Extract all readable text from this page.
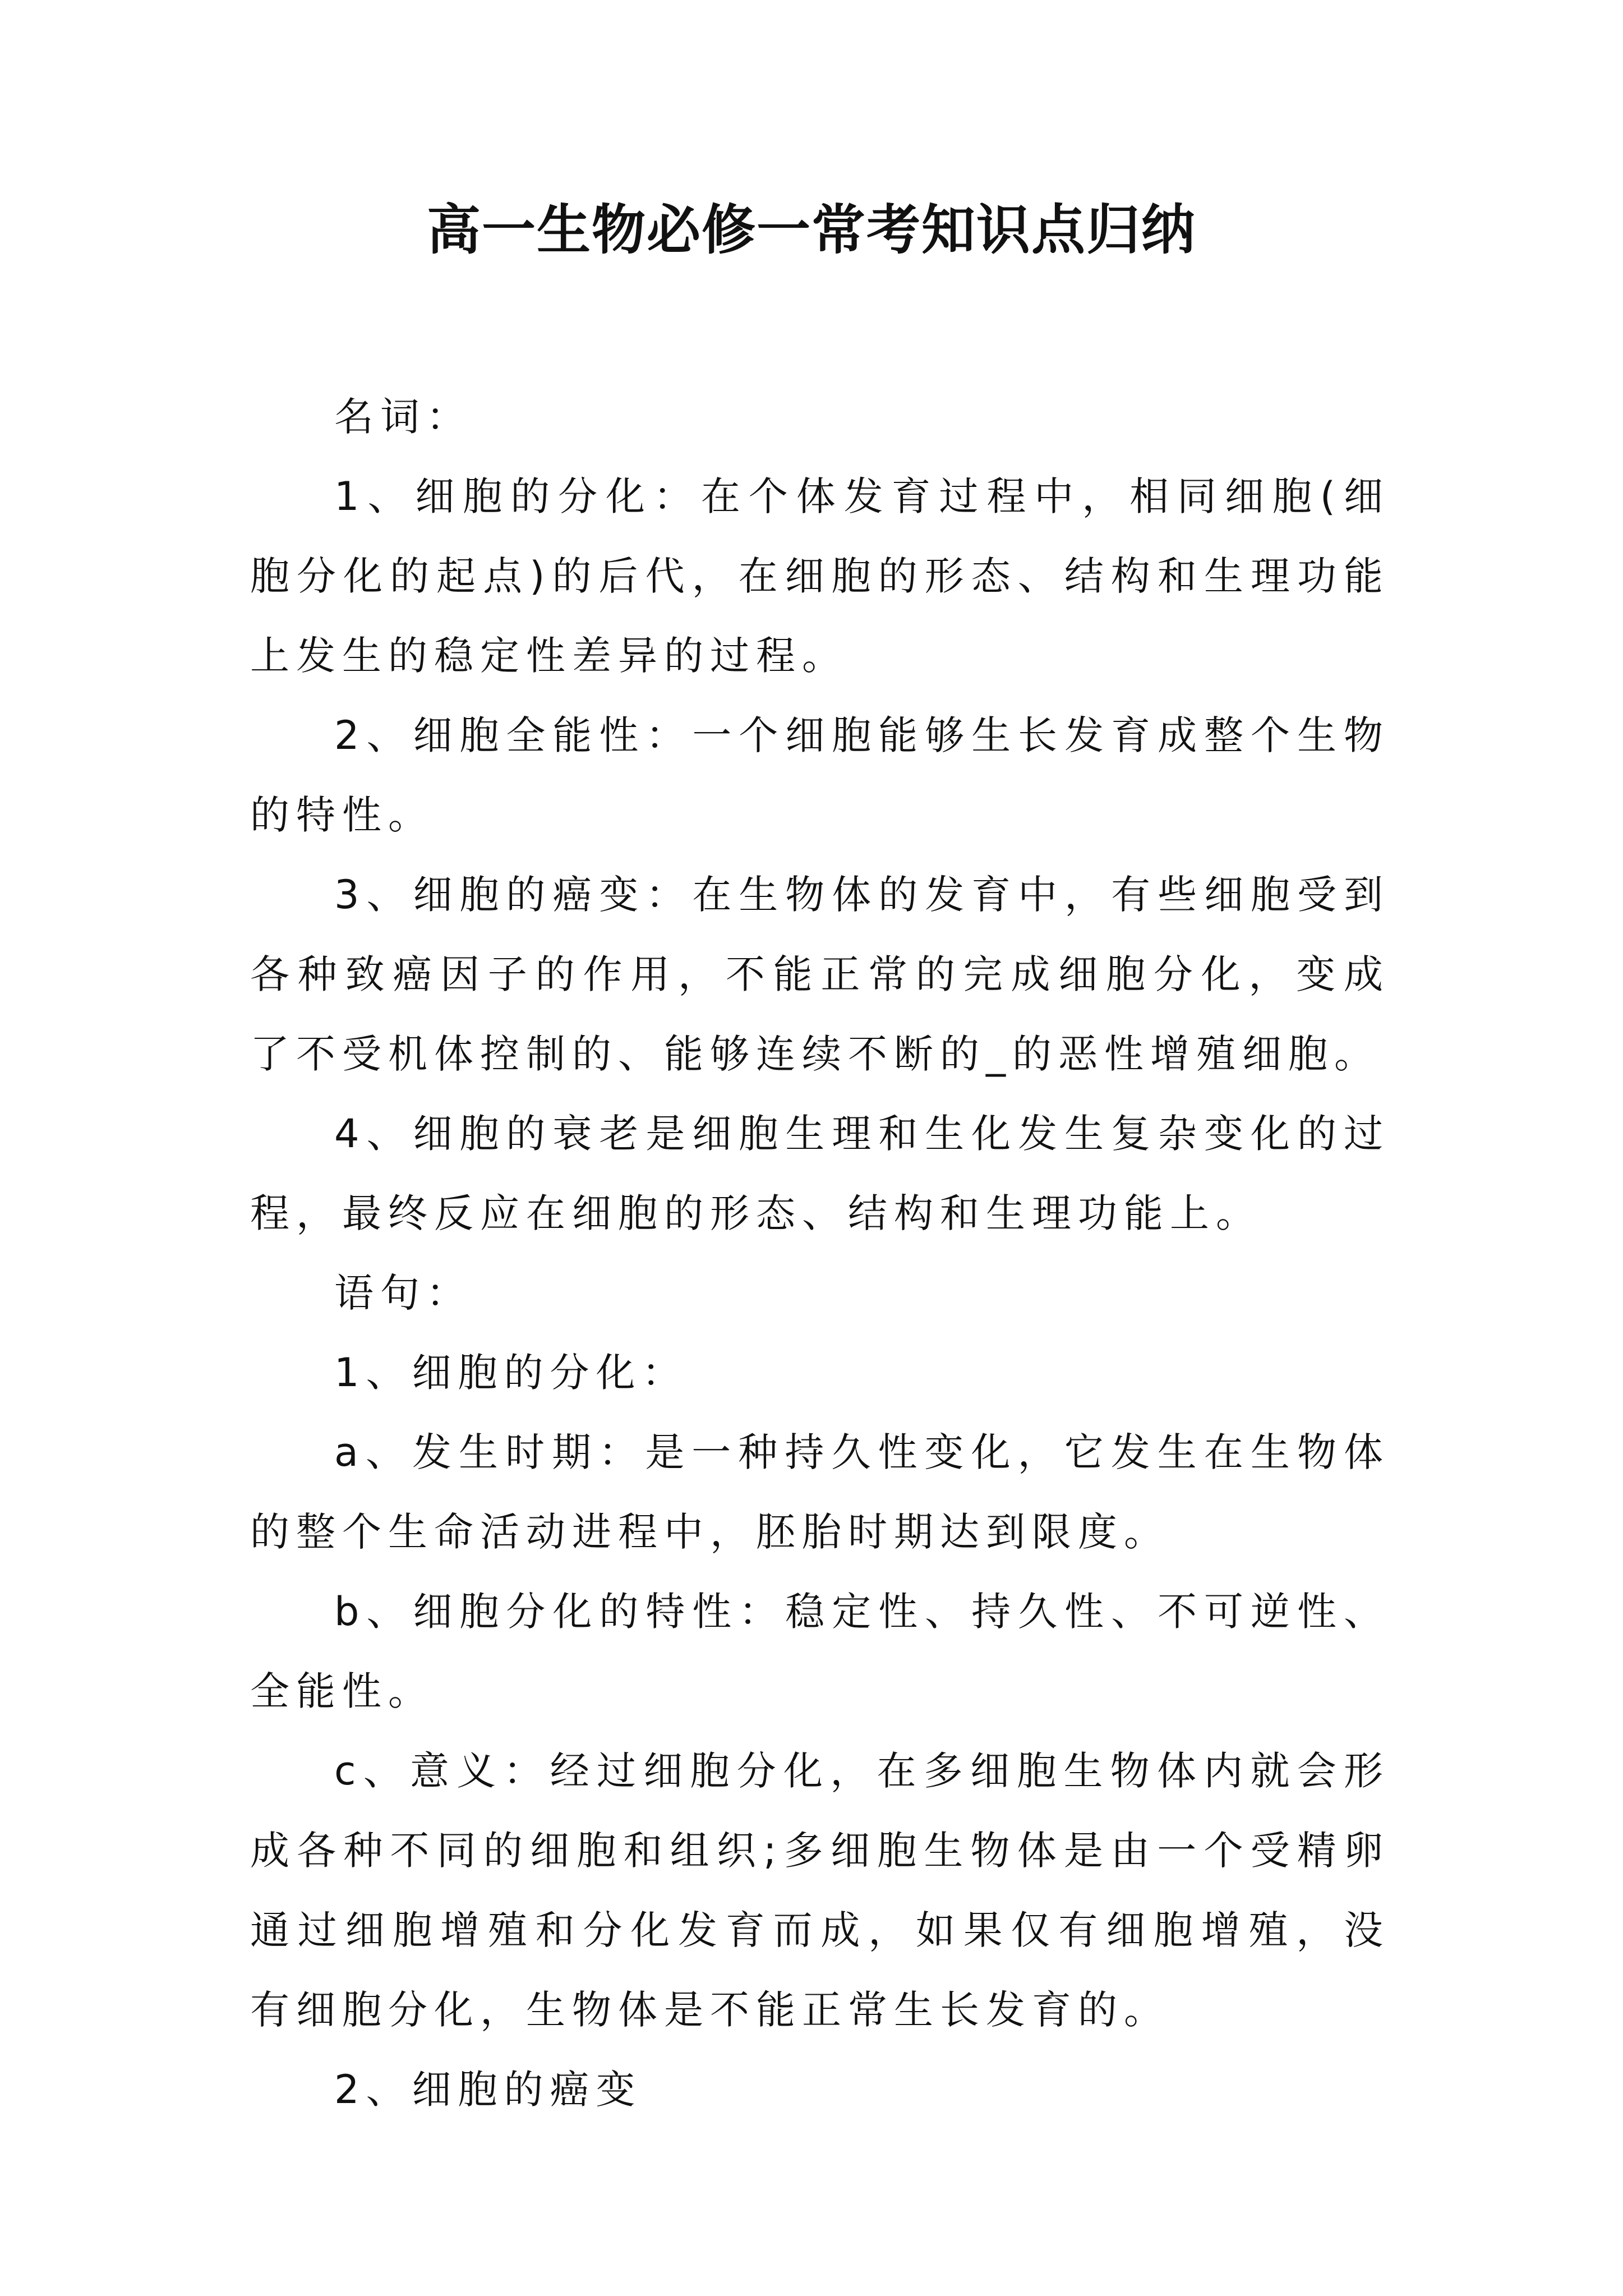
高一生物必修一常考知识点归纳

名词：

1、细胞的分化：在个体发育过程中，相同细胞(细胞分化的起点)的后代，在细胞的形态、结构和生理功能上发生的稳定性差异的过程。

2、细胞全能性：一个细胞能够生长发育成整个生物的特性。

3、细胞的癌变：在生物体的发育中，有些细胞受到各种致癌因子的作用，不能正常的完成细胞分化，变成了不受机体控制的、能够连续不断的_的恶性增殖细胞。

4、细胞的衰老是细胞生理和生化发生复杂变化的过程，最终反应在细胞的形态、结构和生理功能上。

语句：

1、细胞的分化：

a、发生时期：是一种持久性变化，它发生在生物体的整个生命活动进程中，胚胎时期达到限度。

b、细胞分化的特性：稳定性、持久性、不可逆性、全能性。

c、意义：经过细胞分化，在多细胞生物体内就会形成各种不同的细胞和组织;多细胞生物体是由一个受精卵通过细胞增殖和分化发育而成，如果仅有细胞增殖，没有细胞分化，生物体是不能正常生长发育的。

2、细胞的癌变
